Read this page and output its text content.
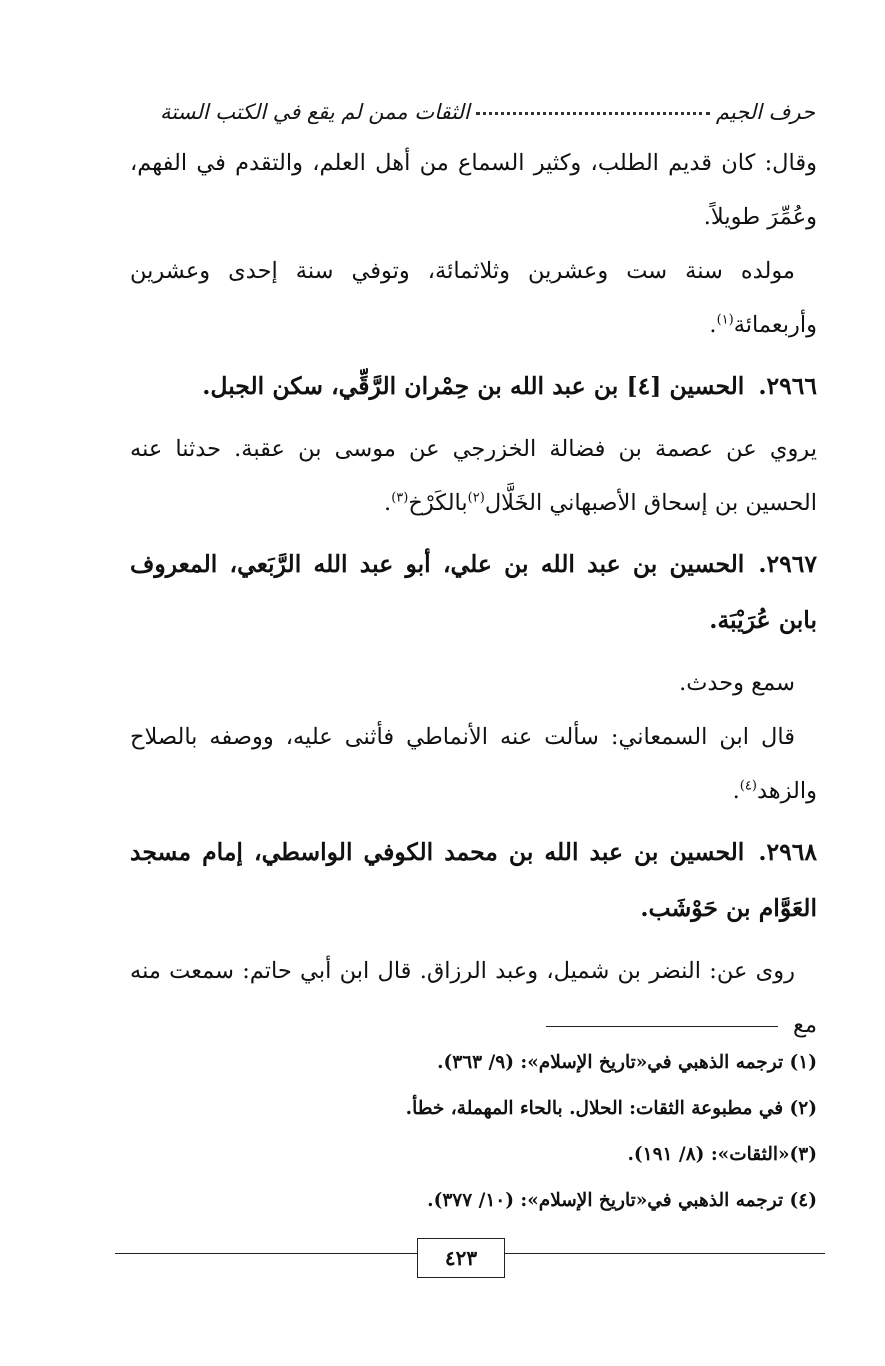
حرف الجيم
الثقات ممن لم يقع في الكتب الستة

وقال: كان قديم الطلب، وكثير السماع من أهل العلم، والتقدم في الفهم، وعُمِّرَ طويلاً.

مولده سنة ست وعشرين وثلاثمائة، وتوفي سنة إحدى وعشرين وأربعمائة$^{(١)}$.

٢٩٦٦.الحسين [٤] بن عبد الله بن حِمْران الرَّقِّي، سكن الجبل.

يروي عن عصمة بن فضالة الخزرجي عن موسى بن عقبة. حدثنا عنه الحسين بن إسحاق الأصبهاني الخَلَّال$^{(٢)}$بالكَرْخ$^{(٣)}$.

٢٩٦٧.الحسين بن عبد الله بن علي، أبو عبد الله الرَّبَعي، المعروف بابن عُرَيْبَة.

سمع وحدث.

قال ابن السمعاني: سألت عنه الأنماطي فأثنى عليه، ووصفه بالصلاح والزهد$^{(٤)}$.

٢٩٦٨.الحسين بن عبد الله بن محمد الكوفي الواسطي، إمام مسجد العَوَّام بن حَوْشَب.

روى عن: النضر بن شميل، وعبد الرزاق. قال ابن أبي حاتم: سمعت منه مع

(١) ترجمه الذهبي في«تاريخ الإسلام»: (٩/ ٣٦٣).

(٢) في مطبوعة الثقات: الحلال. بالحاء المهملة، خطأ.

(٣)«الثقات»: (٨/ ١٩١).

(٤) ترجمه الذهبي في«تاريخ الإسلام»: (١٠/ ٣٧٧).

٤٢٣
